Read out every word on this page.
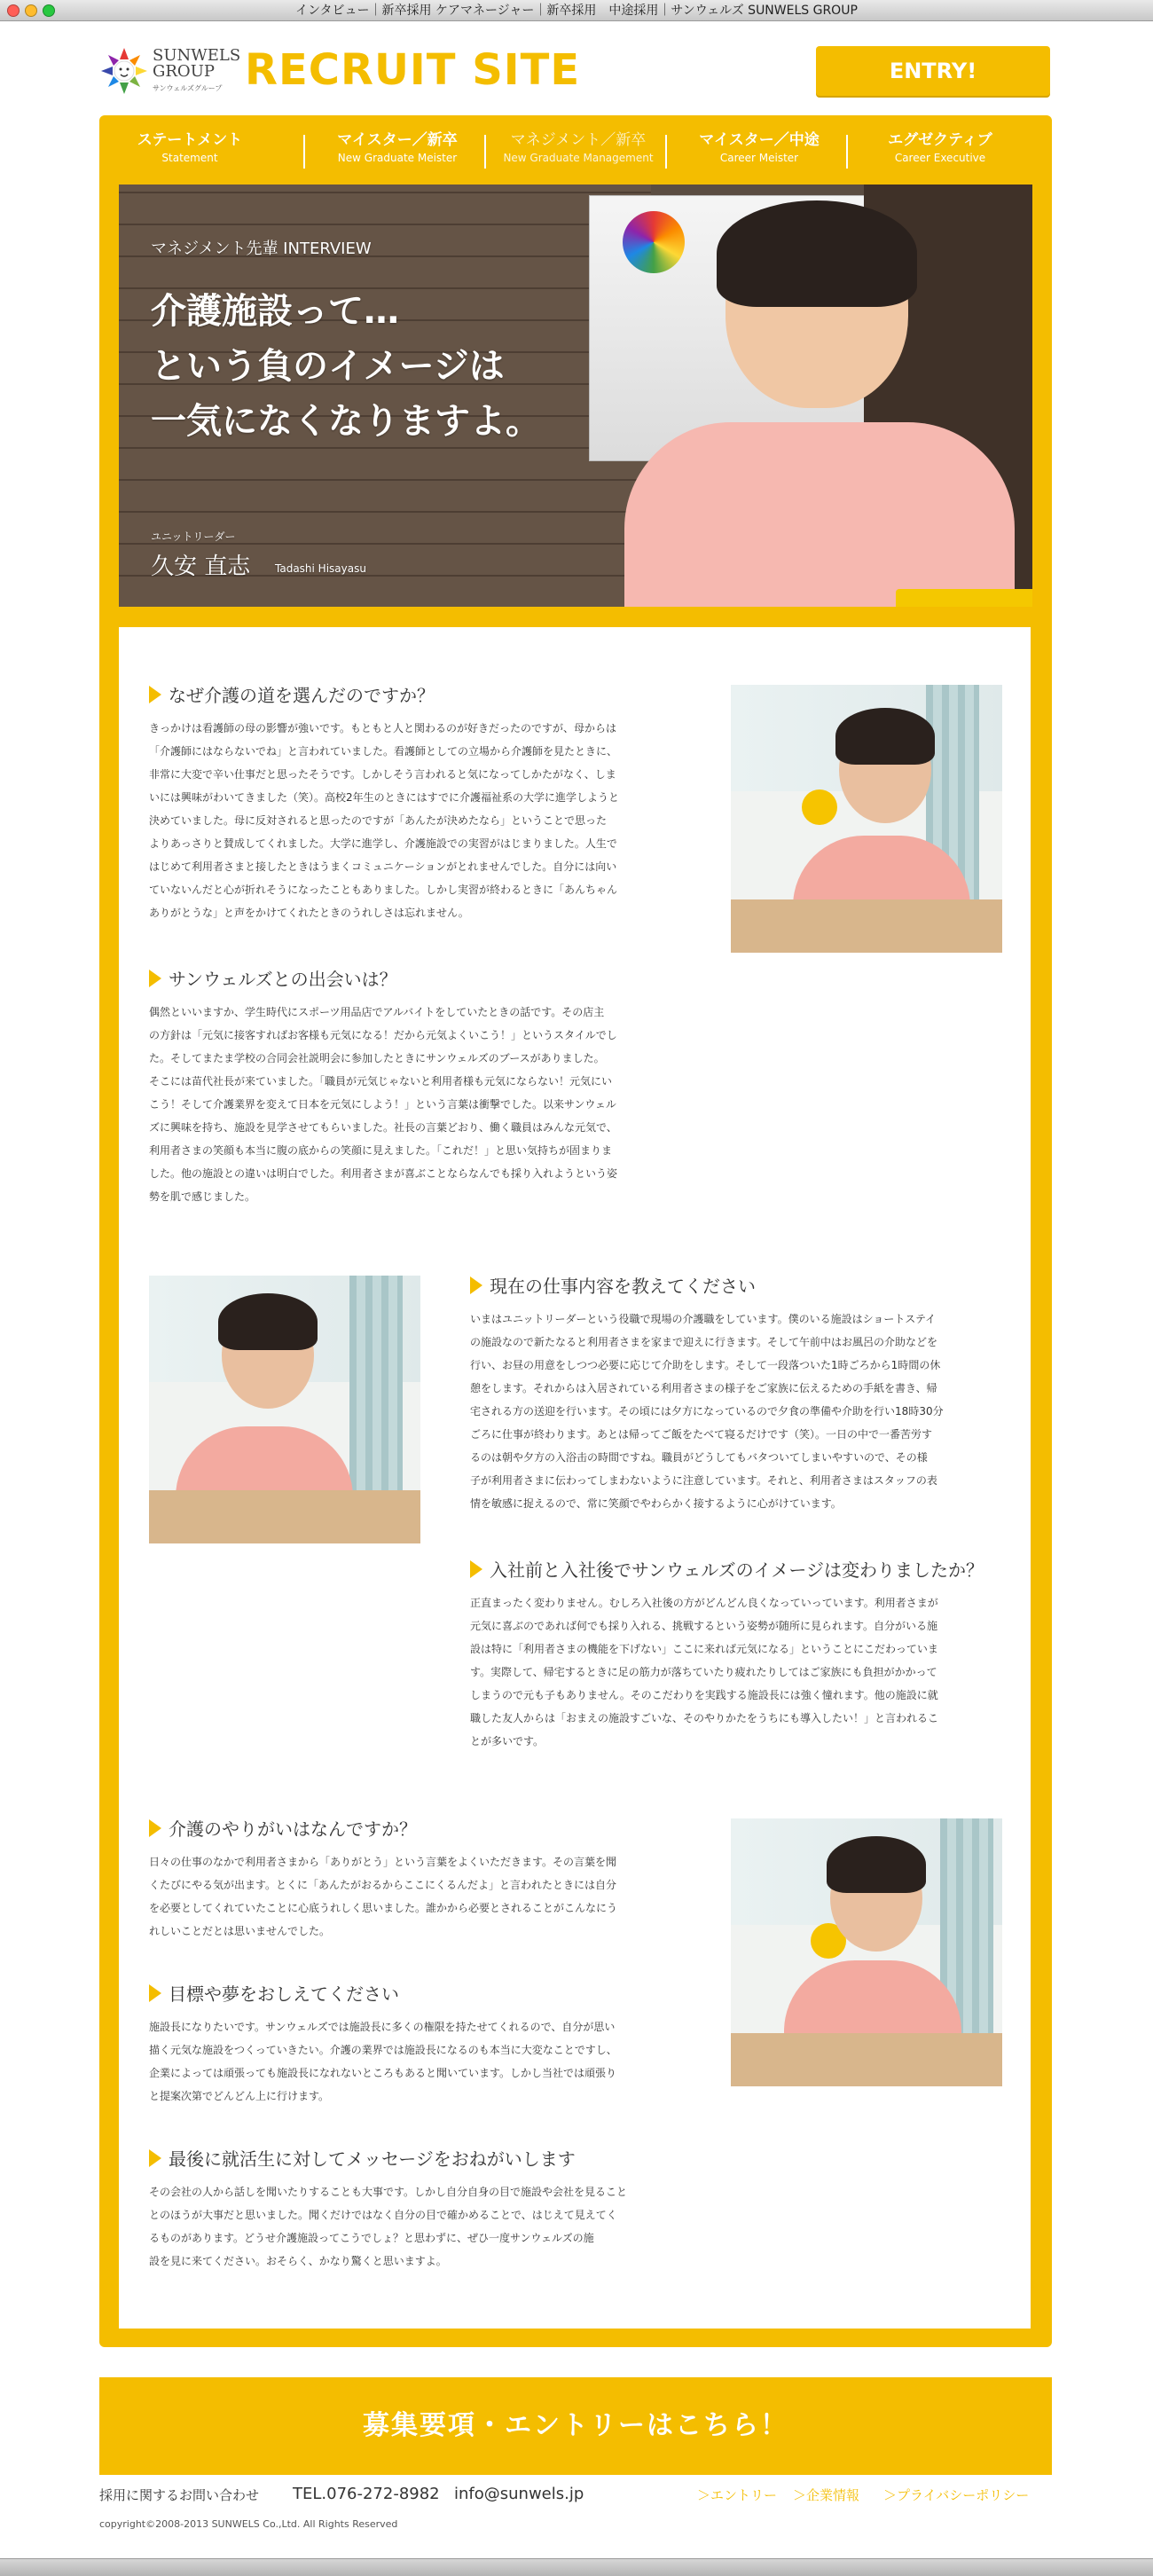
インタビュー｜新卒採用 ケアマネージャー｜新卒採用　中途採用｜サンウェルズ SUNWELS GROUP
SUNWELS GROUP
サンウェルズグループ RECRUIT SITE	ENTRY!
ステートメント
Statement
マイスター／新卒
New Graduate Meister
マネジメント／新卒
New Graduate Management
マイスター／中途
Career Meister
エグゼクティブ
Career Executive
マネジメント先輩 INTERVIEW
介護施設って…
という負のイメージは
一気になくなりますよ。
ユニットリーダー
久安 直志 Tadashi Hisayasu
なぜ介護の道を選んだのですか？
きっかけは看護師の母の影響が強いです。もともと人と関わるのが好きだったのですが、母からは
「介護師にはならないでね」と言われていました。看護師としての立場から介護師を見たときに、
非常に大変で辛い仕事だと思ったそうです。しかしそう言われると気になってしかたがなく、しま
いには興味がわいてきました（笑）。高校2年生のときにはすでに介護福祉系の大学に進学しようと
決めていました。母に反対されると思ったのですが「あんたが決めたなら」ということで思った
よりあっさりと賛成してくれました。大学に進学し、介護施設での実習がはじまりました。人生で
はじめて利用者さまと接したときはうまくコミュニケーションがとれませんでした。自分には向い
ていないんだと心が折れそうになったこともありました。しかし実習が終わるときに「あんちゃん
ありがとうな」と声をかけてくれたときのうれしさは忘れません。
サンウェルズとの出会いは？
偶然といいますか、学生時代にスポーツ用品店でアルバイトをしていたときの話です。その店主
の方針は「元気に接客すればお客様も元気になる！だから元気よくいこう！」というスタイルでし
た。そしてまたま学校の合同会社説明会に参加したときにサンウェルズのブースがありました。
そこには苗代社長が来ていました。「職員が元気じゃないと利用者様も元気にならない！元気にい
こう！そして介護業界を変えて日本を元気にしよう！」という言葉は衝撃でした。以来サンウェル
ズに興味を持ち、施設を見学させてもらいました。社長の言葉どおり、働く職員はみんな元気で、
利用者さまの笑顔も本当に腹の底からの笑顔に見えました。「これだ！」と思い気持ちが固まりま
した。他の施設との違いは明白でした。利用者さまが喜ぶことならなんでも採り入れようという姿
勢を肌で感じました。
現在の仕事内容を教えてください
いまはユニットリーダーという役職で現場の介護職をしています。僕のいる施設はショートステイ
の施設なので新たなると利用者さまを家まで迎えに行きます。そして午前中はお風呂の介助などを
行い、お昼の用意をしつつ必要に応じて介助をします。そして一段落ついた1時ごろから1時間の休
憩をします。それからは入居されている利用者さまの様子をご家族に伝えるための手紙を書き、帰
宅される方の送迎を行います。その頃には夕方になっているので夕食の準備や介助を行い18時30分
ごろに仕事が終わります。あとは帰ってご飯をたべて寝るだけです（笑）。一日の中で一番苦労す
るのは朝や夕方の入浴击の時間ですね。職員がどうしてもバタついてしまいやすいので、その様
子が利用者さまに伝わってしまわないように注意しています。それと、利用者さまはスタッフの表
情を敏感に捉えるので、常に笑顔でやわらかく接するように心がけています。
入社前と入社後でサンウェルズのイメージは変わりましたか？
正直まったく変わりません。むしろ入社後の方がどんどん良くなっていっています。利用者さまが
元気に喜ぶのであれば何でも採り入れる、挑戦するという姿勢が随所に見られます。自分がいる施
設は特に「利用者さまの機能を下げない」ここに来れば元気になる」ということにこだわっていま
す。実際して、帰宅するときに足の筋力が落ちていたり疲れたりしてはご家族にも負担がかかって
しまうので元も子もありません。そのこだわりを実践する施設長には強く憧れます。他の施設に就
職した友人からは「おまえの施設すごいな、そのやりかたをうちにも導入したい！」と言われるこ
とが多いです。
介護のやりがいはなんですか？
日々の仕事のなかで利用者さまから「ありがとう」という言葉をよくいただきます。その言葉を聞
くたびにやる気が出ます。とくに「あんたがおるからここにくるんだよ」と言われたときには自分
を必要としてくれていたことに心底うれしく思いました。誰かから必要とされることがこんなにう
れしいことだとは思いませんでした。
目標や夢をおしえてください
施設長になりたいです。サンウェルズでは施設長に多くの権限を持たせてくれるので、自分が思い
描く元気な施設をつくっていきたい。介護の業界では施設長になるのも本当に大変なことですし、
企業によっては頑張っても施設長になれないところもあると聞いています。しかし当社では頑張り
と提案次第でどんどん上に行けます。
最後に就活生に対してメッセージをおねがいします
その会社の人から話しを聞いたりすることも大事です。しかし自分自身の目で施設や会社を見ること
とのほうが大事だと思いました。聞くだけではなく自分の目で確かめることで、はじえて見えてく
るものがあります。どうせ介護施設ってこうでしょ？と思わずに、ぜひ一度サンウェルズの施
設を見に来てください。おそらく、かなり驚くと思いますよ。
募集要項・エントリーはこちら！
採用に関するお問い合わせ TEL.076-272-8982 info@sunwels.jp	＞エントリー ＞企業情報 ＞プライバシーポリシー
copyright©2008-2013 SUNWELS Co.,Ltd. All Rights Reserved
